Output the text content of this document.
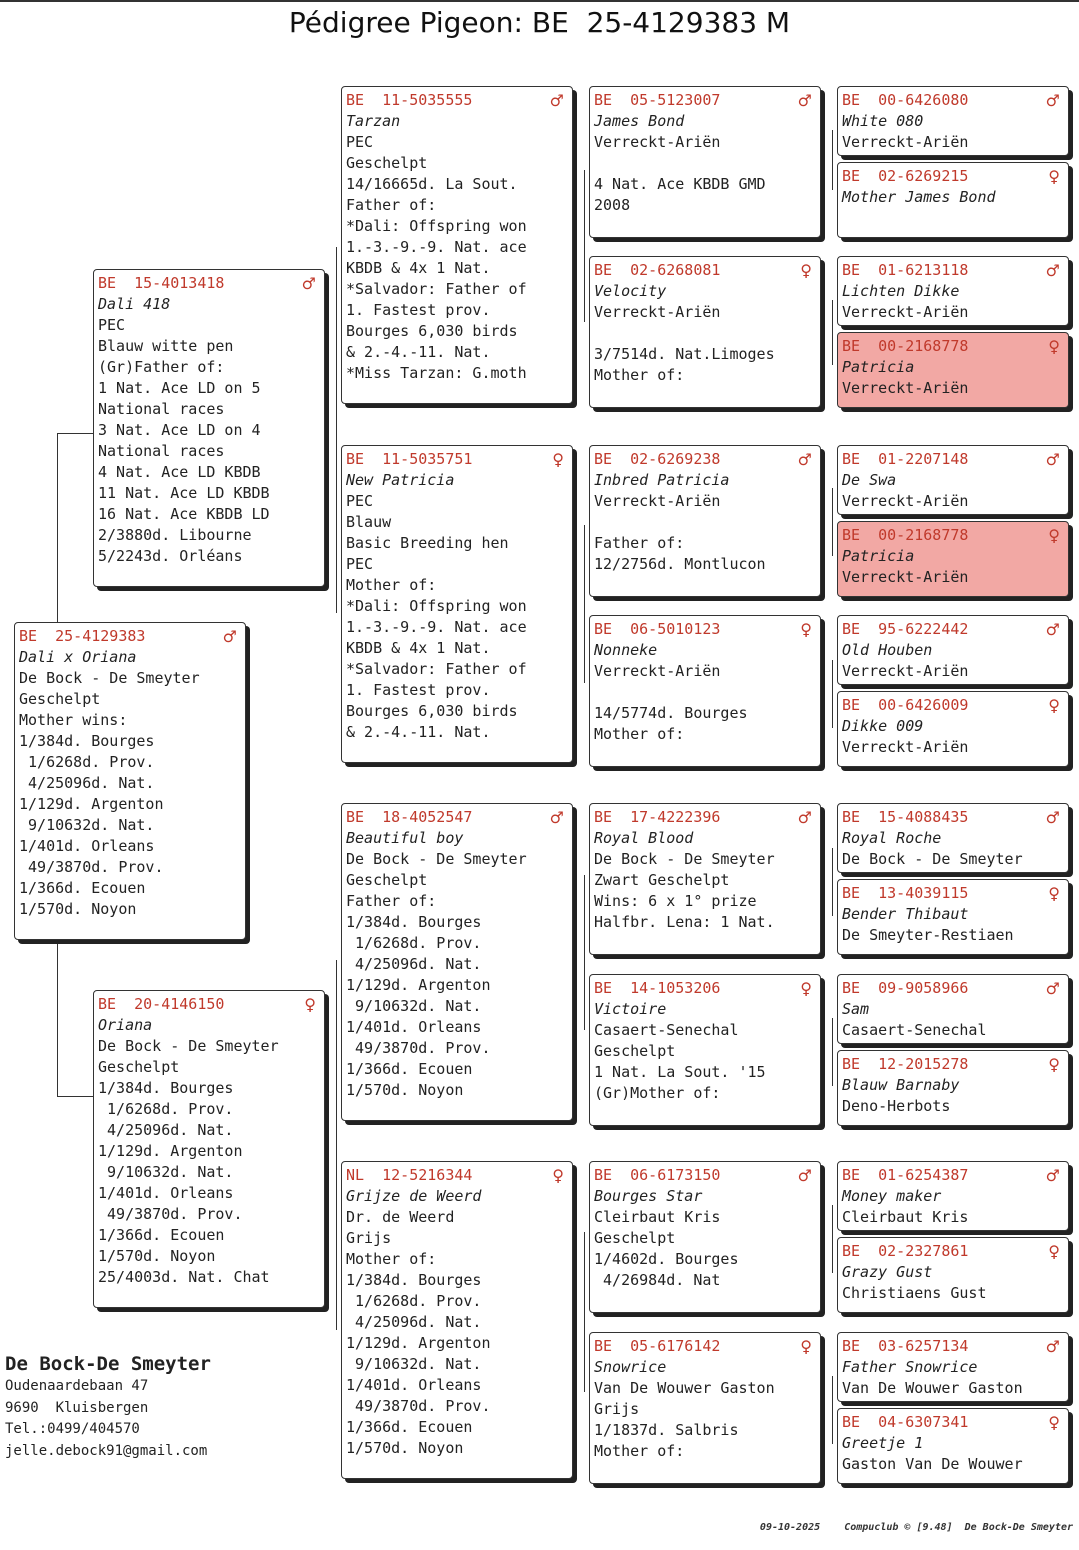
Pédigree Pigeon: BE  25-4129383 M
BE 25-4129383	♂
Dali x Oriana
De Bock - De Smeyter
Geschelpt
Mother wins:
1/384d. Bourges
1/6268d. Prov.
4/25096d. Nat.
1/129d. Argenton
9/10632d. Nat.
1/401d. Orleans
49/3870d. Prov.
1/366d. Ecouen
1/570d. Noyon
BE 15-4013418	♂
Dali 418
PEC
Blauw witte pen
(Gr)Father of:
1 Nat. Ace LD on 5
National races
3 Nat. Ace LD on 4
National races
4 Nat. Ace LD KBDB
11 Nat. Ace LD KBDB
16 Nat. Ace KBDB LD
2/3880d. Libourne
5/2243d. Orléans
BE 20-4146150	♀
Oriana
De Bock - De Smeyter
Geschelpt
1/384d. Bourges
1/6268d. Prov.
4/25096d. Nat.
1/129d. Argenton
9/10632d. Nat.
1/401d. Orleans
49/3870d. Prov.
1/366d. Ecouen
1/570d. Noyon
25/4003d. Nat. Chat
BE 11-5035555	♂
Tarzan
PEC
Geschelpt
14/16665d. La Sout.
Father of:
*Dali: Offspring won
1.-3.-9.-9. Nat. ace
KBDB & 4x 1 Nat.
*Salvador: Father of
1. Fastest prov.
Bourges 6,030 birds
& 2.-4.-11. Nat.
*Miss Tarzan: G.moth
BE 11-5035751	♀
New Patricia
PEC
Blauw
Basic Breeding hen
PEC
Mother of:
*Dali: Offspring won
1.-3.-9.-9. Nat. ace
KBDB & 4x 1 Nat.
*Salvador: Father of
1. Fastest prov.
Bourges 6,030 birds
& 2.-4.-11. Nat.
BE 18-4052547	♂
Beautiful boy
De Bock - De Smeyter
Geschelpt
Father of:
1/384d. Bourges
1/6268d. Prov.
4/25096d. Nat.
1/129d. Argenton
9/10632d. Nat.
1/401d. Orleans
49/3870d. Prov.
1/366d. Ecouen
1/570d. Noyon
NL 12-5216344	♀
Grijze de Weerd
Dr. de Weerd
Grijs
Mother of:
1/384d. Bourges
1/6268d. Prov.
4/25096d. Nat.
1/129d. Argenton
9/10632d. Nat.
1/401d. Orleans
49/3870d. Prov.
1/366d. Ecouen
1/570d. Noyon
BE 05-5123007	♂
James Bond
Verreckt-Ariën

4 Nat. Ace KBDB GMD
2008
BE 02-6268081	♀
Velocity
Verreckt-Ariën

3/7514d. Nat.Limoges
Mother of:
BE 02-6269238	♂
Inbred Patricia
Verreckt-Ariën

Father of:
12/2756d. Montlucon
BE 06-5010123	♀
Nonneke
Verreckt-Ariën

14/5774d. Bourges
Mother of:
BE 17-4222396	♂
Royal Blood
De Bock - De Smeyter
Zwart Geschelpt
Wins: 6 x 1° prize
Halfbr. Lena: 1 Nat.
BE 14-1053206	♀
Victoire
Casaert-Senechal
Geschelpt
1 Nat. La Sout. '15
(Gr)Mother of:
BE 06-6173150	♂
Bourges Star
Cleirbaut Kris
Geschelpt
1/4602d. Bourges
4/26984d. Nat
BE 05-6176142	♀
Snowrice
Van De Wouwer Gaston
Grijs
1/1837d. Salbris
Mother of:
BE 00-6426080	♂
White 080
Verreckt-Ariën
BE 02-6269215	♀
Mother James Bond
BE 01-6213118	♂
Lichten Dikke
Verreckt-Ariën
BE 00-2168778	♀
Patricia
Verreckt-Ariën
BE 01-2207148	♂
De Swa
Verreckt-Ariën
BE 00-2168778	♀
Patricia
Verreckt-Ariën
BE 95-6222442	♂
Old Houben
Verreckt-Ariën
BE 00-6426009	♀
Dikke 009
Verreckt-Ariën
BE 15-4088435	♂
Royal Roche
De Bock - De Smeyter
BE 13-4039115	♀
Bender Thibaut
De Smeyter-Restiaen
BE 09-9058966	♂
Sam
Casaert-Senechal
BE 12-2015278	♀
Blauw Barnaby
Deno-Herbots
BE 01-6254387	♂
Money maker
Cleirbaut Kris
BE 02-2327861	♀
Grazy Gust
Christiaens Gust
BE 03-6257134	♂
Father Snowrice
Van De Wouwer Gaston
BE 04-6307341	♀
Greetje 1
Gaston Van De Wouwer
De Bock-De Smeyter
Oudenaardebaan 47
9690  Kluisbergen
Tel.:0499/404570
jelle.debock91@gmail.com
09-10-2025    Compuclub © [9.48]  De Bock-De Smeyter
